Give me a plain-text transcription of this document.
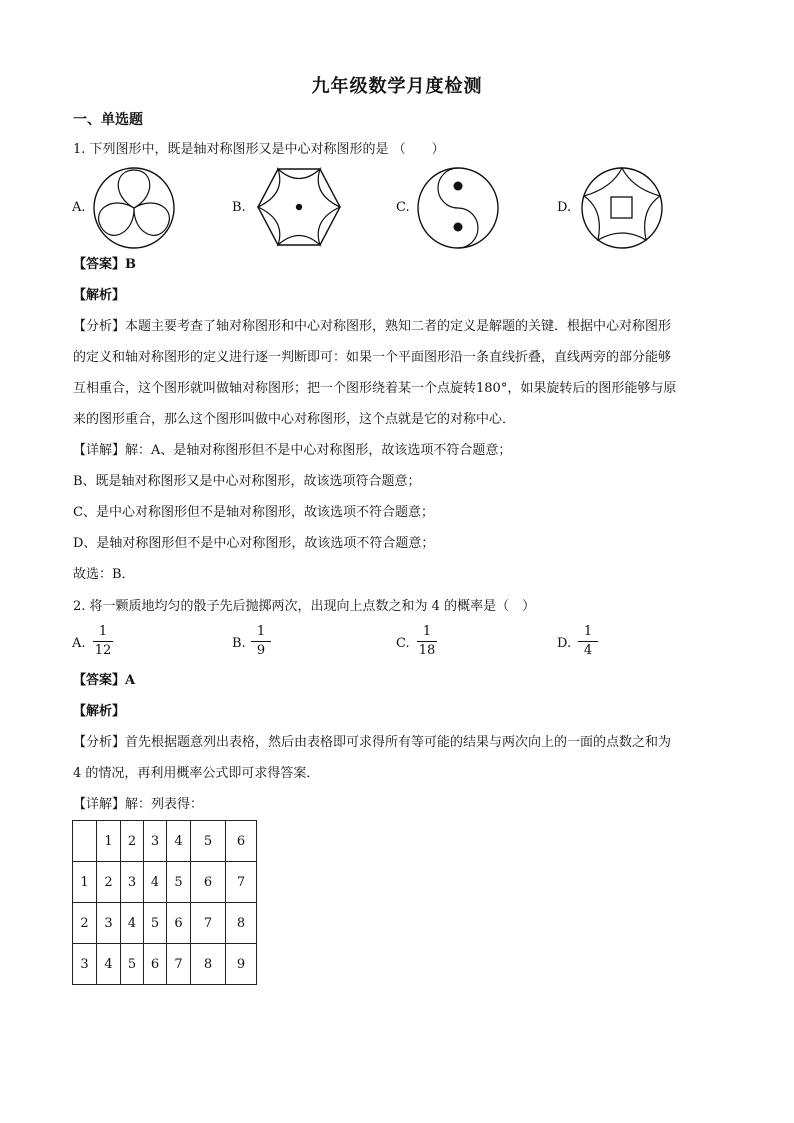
九年级数学月度检测
一、单选题
1. 下列图形中，既是轴对称图形又是中心对称图形的是 （　　）
A.	B.	C.	D.
【答案】B
【解析】
【分析】本题主要考查了轴对称图形和中心对称图形，熟知二者的定义是解题的关键．根据中心对称图形
的定义和轴对称图形的定义进行逐一判断即可：如果一个平面图形沿一条直线折叠，直线两旁的部分能够
互相重合，这个图形就叫做轴对称图形；把一个图形绕着某一个点旋转180°，如果旋转后的图形能够与原
来的图形重合，那么这个图形叫做中心对称图形，这个点就是它的对称中心．
【详解】解：A、是轴对称图形但不是中心对称图形，故该选项不符合题意；
B、既是轴对称图形又是中心对称图形，故该选项符合题意；
C、是中心对称图形但不是轴对称图形，故该选项不符合题意；
D、是轴对称图形但不是中心对称图形，故该选项不符合题意；
故选：B．
2. 将一颗质地均匀的骰子先后抛掷两次，出现向上点数之和为 4 的概率是（　）
A.
1
12	B.
1
9	C.
1
18	D.
1
4
【答案】A
【解析】
【分析】首先根据题意列出表格，然后由表格即可求得所有等可能的结果与两次向上的一面的点数之和为
4 的情况，再利用概率公式即可求得答案．
【详解】解：列表得：
	1	2	3	4	5	6
1	2	3	4	5	6	7
2	3	4	5	6	7	8
3	4	5	6	7	8	9
